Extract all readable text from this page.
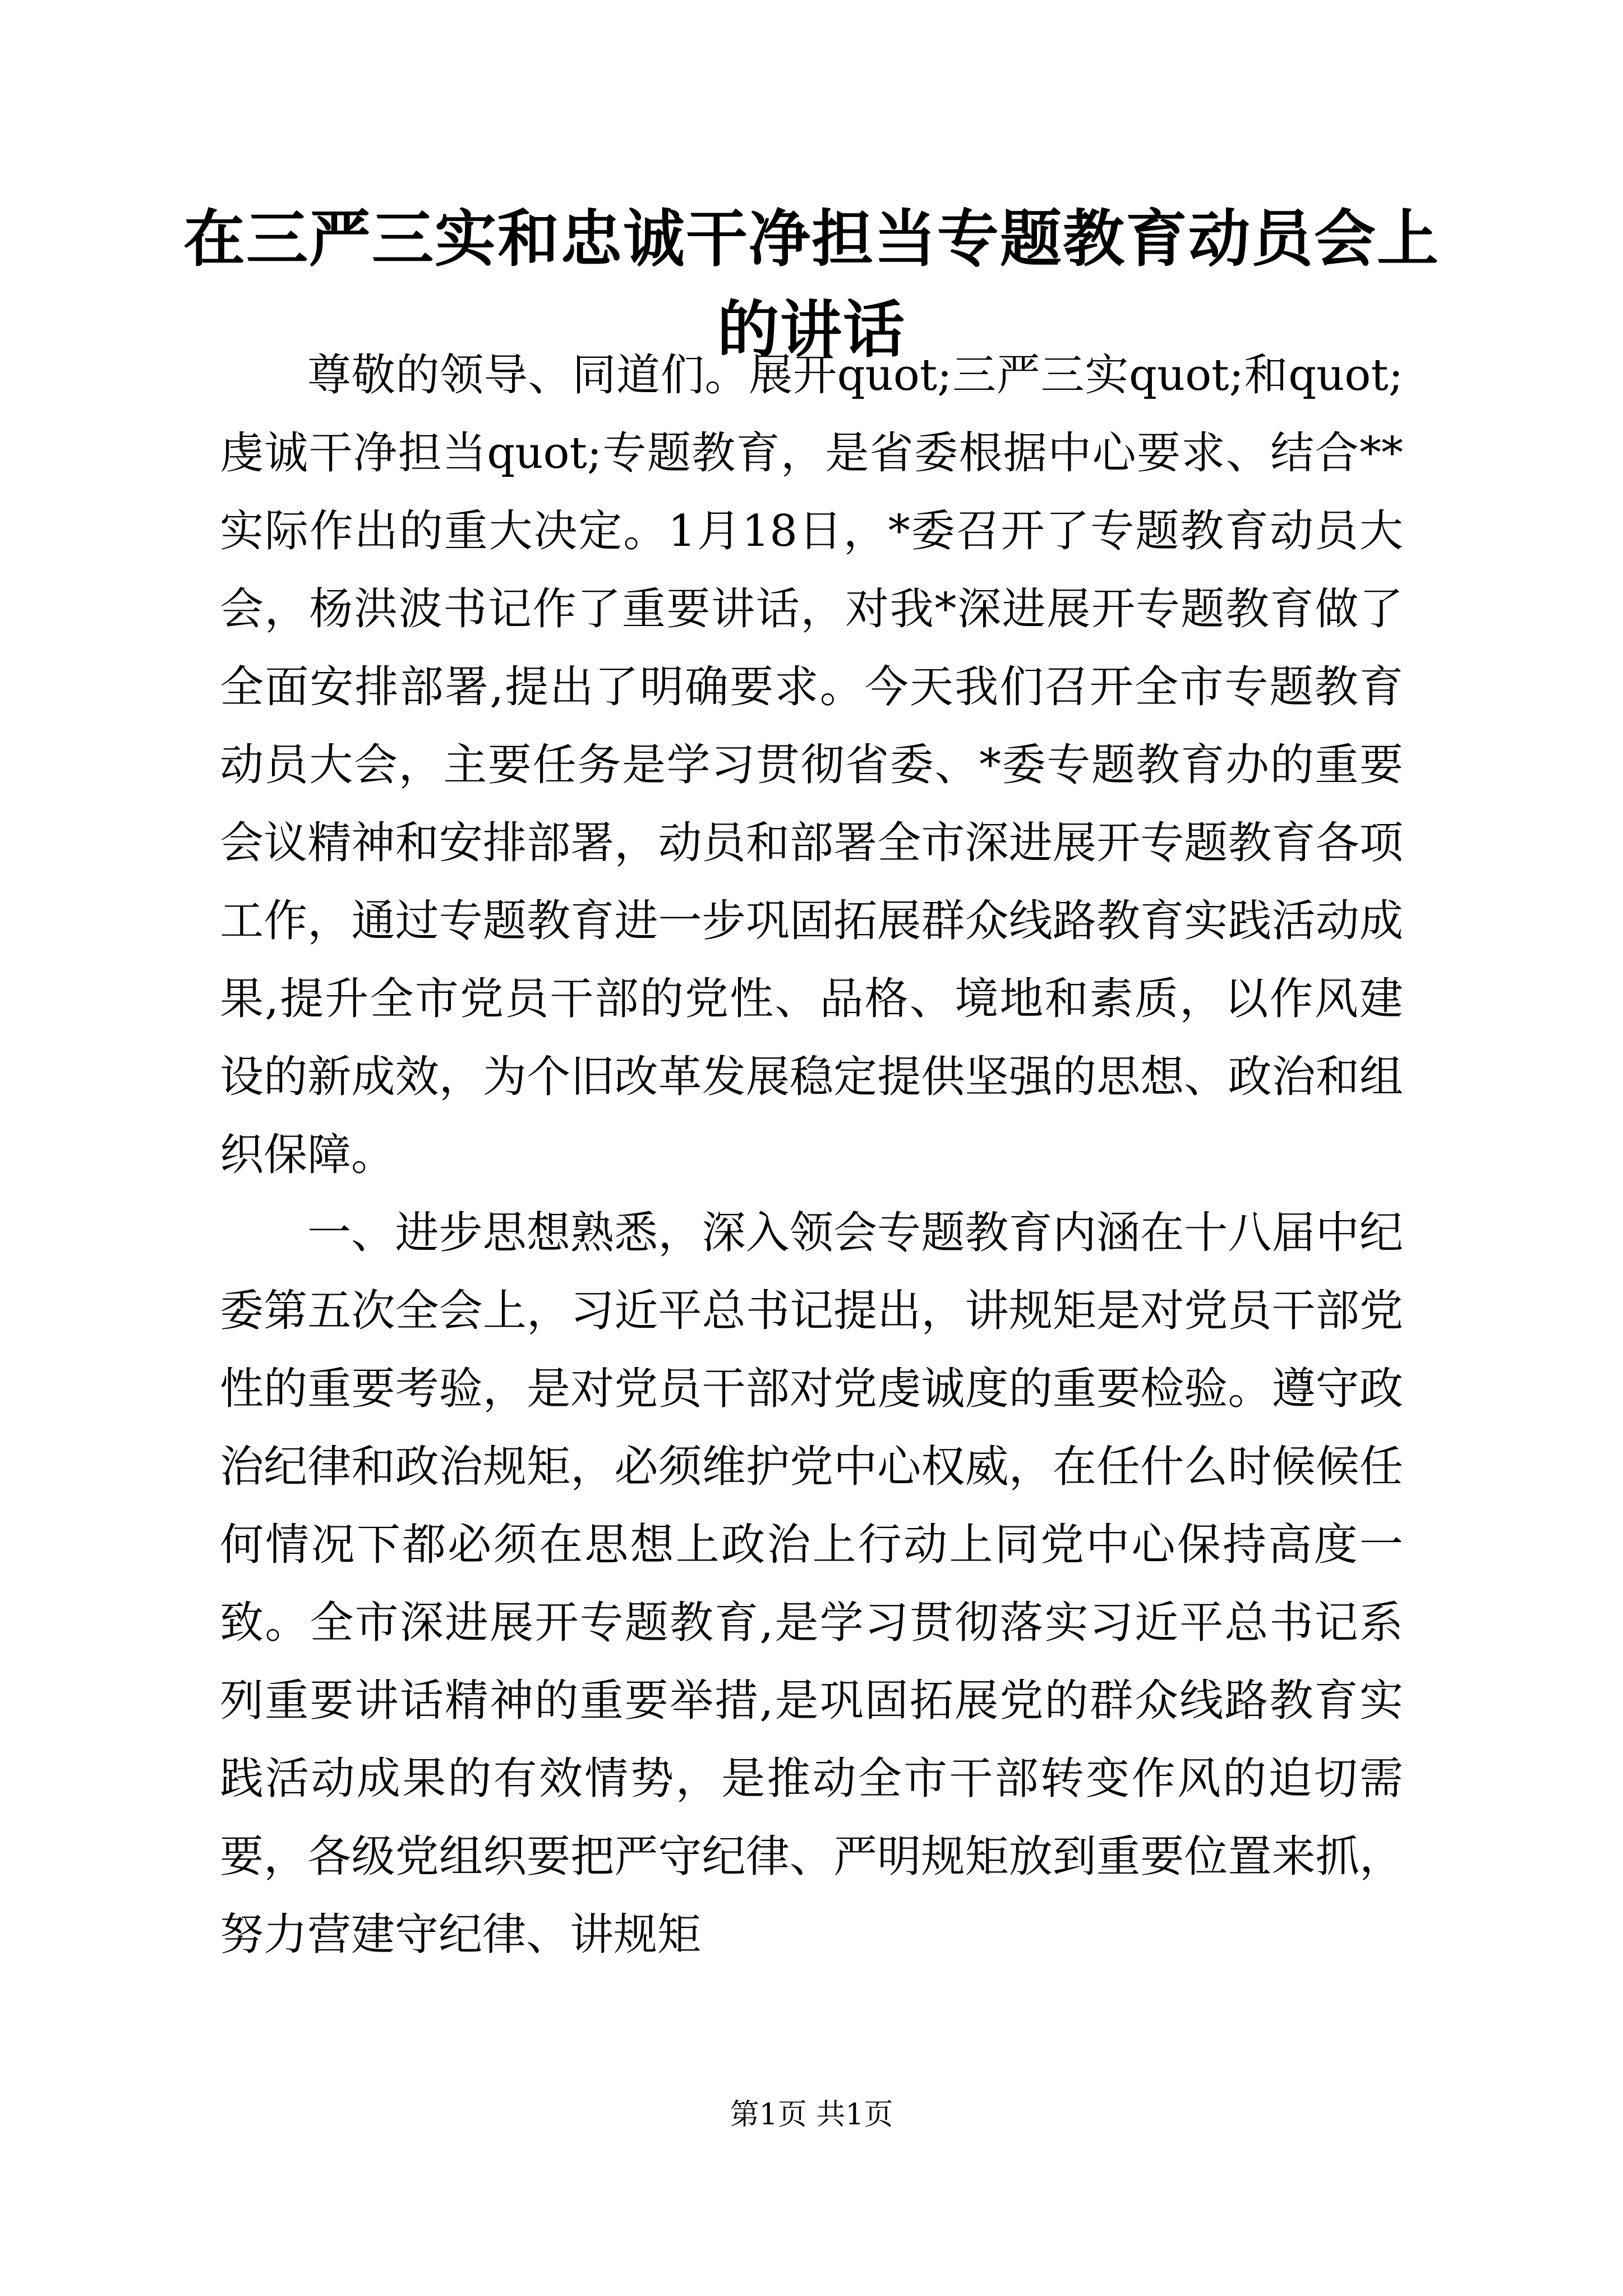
在三严三实和忠诚干净担当专题教育动员会上的讲话

尊敬的领导、同道们。展开quot;三严三实quot;和quot;虔诚干净担当quot;专题教育，是省委根据中心要求、结合**实际作出的重大决定。1月18日，*委召开了专题教育动员大会，杨洪波书记作了重要讲话，对我*深进展开专题教育做了全面安排部署,提出了明确要求。今天我们召开全市专题教育动员大会，主要任务是学习贯彻省委、*委专题教育办的重要会议精神和安排部署，动员和部署全市深进展开专题教育各项工作，通过专题教育进一步巩固拓展群众线路教育实践活动成果,提升全市党员干部的党性、品格、境地和素质，以作风建设的新成效，为个旧改革发展稳定提供坚强的思想、政治和组织保障。

一、进步思想熟悉，深入领会专题教育内涵在十八届中纪委第五次全会上，习近平总书记提出，讲规矩是对党员干部党性的重要考验，是对党员干部对党虔诚度的重要检验。遵守政治纪律和政治规矩，必须维护党中心权威，在任什么时候候任何情况下都必须在思想上政治上行动上同党中心保持高度一致。全市深进展开专题教育,是学习贯彻落实习近平总书记系列重要讲话精神的重要举措,是巩固拓展党的群众线路教育实践活动成果的有效情势，是推动全市干部转变作风的迫切需要，各级党组织要把严守纪律、严明规矩放到重要位置来抓，努力营建守纪律、讲规矩

第1页 共1页
